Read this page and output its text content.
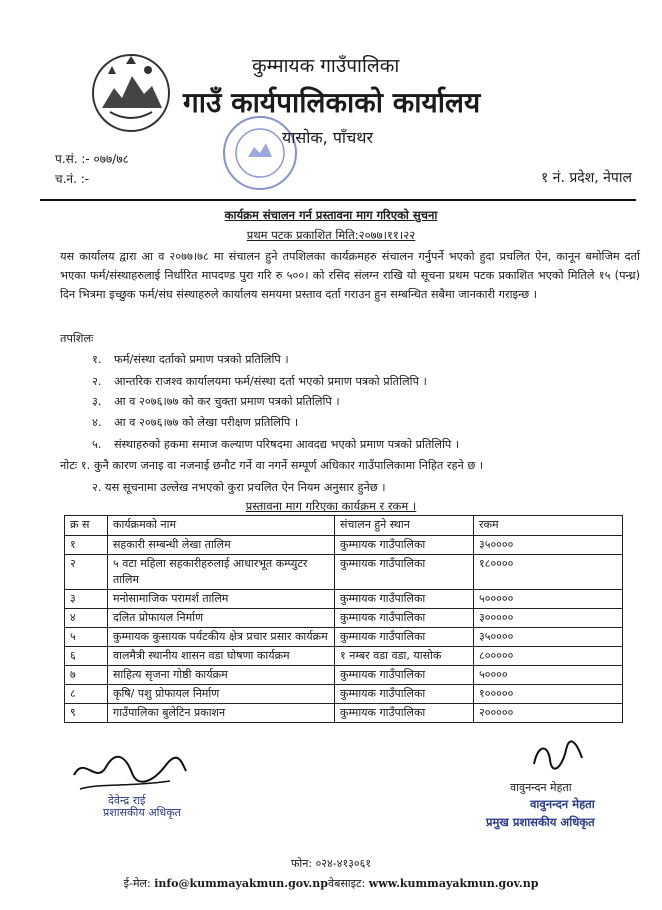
कुम्मायक गाउँपालिका
गाउँ कार्यपालिकाको कार्यालय
यासोक, पाँचथर
प.सं. :- ०७७/७८
च.नं. :-	१ नं. प्रदेश, नेपाल
कार्यक्रम संचालन गर्न प्रस्तावना माग गरिएको सुचना
प्रथम पटक प्रकाशित मिति:२०७७।११।२२
यस कार्यालय द्वारा आ व २०७७।७८ मा संचालन हुने तपशिलका कार्यक्रमहरु संचालन गर्नुपर्ने भएको हुदा प्रचलित ऐन, कानून बमोजिम दर्ता भएका फर्म/संस्थाहरुलाई निर्धारित मापदण्ड पुरा गरि रु ५००। को रसिद संलग्न राखि यो सूचना प्रथम पटक प्रकाशित भएको मितिले १५ (पन्ध्र) दिन भित्रमा इच्छुक फर्म/संघ संस्थाहरुले कार्यालय समयमा प्रस्ताव दर्ता गराउन हुन सम्बन्धित सबैमा जानकारी गराइन्छ ।
तपशिलः
१. फर्म/संस्था दर्ताको प्रमाण पत्रको प्रतिलिपि ।
२. आन्तरिक राजश्व कार्यालयमा फर्म/संस्था दर्ता भएको प्रमाण पत्रको प्रतिलिपि ।
३. आ व २०७६।७७ को कर चुक्ता प्रमाण पत्रको प्रतिलिपि ।
४. आ व २०७६।७७ को लेखा परीक्षण प्रतिलिपि ।
५. संस्थाहरुको हकमा समाज कल्याण परिषदमा आवदद्य भएको प्रमाण पत्रको प्रतिलिपि ।
नोटः १. कुनै कारण जनाइ वा नजनाई छनौट गर्ने वा नगर्ने सम्पूर्ण अधिकार गाउँपालिकामा निहित रहने छ ।
२. यस सूचनामा उल्लेख नभएको कुरा प्रचलित ऐन नियम अनुसार हुनेछ ।
प्रस्तावना माग गरिएका कार्यक्रम र रकम ।
क्र स	कार्यक्रमको नाम	संचालन हुने स्थान	रकम
१	सहकारी सम्बन्धी लेखा तालिम	कुम्मायक गाउँपालिका	३५००००
२	५ वटा महिला सहकारीहरुलाई आधारभूत कम्प्युटर तालिम	कुम्मायक गाउँपालिका	१८००००
३	मनोसामाजिक परामर्श तालिम	कुम्मायक गाउँपालिका	५०००००
४	दलित प्रोफायल निर्माण	कुम्मायक गाउँपालिका	३०००००
५	कुम्मायक कुसायक पर्यटकीय क्षेत्र प्रचार प्रसार कार्यक्रम	कुम्मायक गाउँपालिका	३५००००
६	वालमैत्री स्थानीय शासन वडा घोषणा कार्यक्रम	१ नम्बर वडा वडा, यासोक	८०००००
७	साहित्य सृजना गोष्ठी कार्यक्रम	कुम्मायक गाउँपालिका	५००००
८	कृषि/ पशु प्रोफायल निर्माण	कुम्मायक गाउँपालिका	१०००००
९	गाउँपालिका बुलेटिन प्रकाशन	कुम्मायक गाउँपालिका	२०००००
देवेन्द्र राई
प्रशासकीय अधिकृत
वावुनन्दन मेहता
वावुनन्दन मेहता
प्रमुख प्रशासकीय अधिकृत
फोन: ०२४-४१३०६१
ई-मेल: info@kummayakmun.gov.npवेबसाइट: www.kummayakmun.gov.np
